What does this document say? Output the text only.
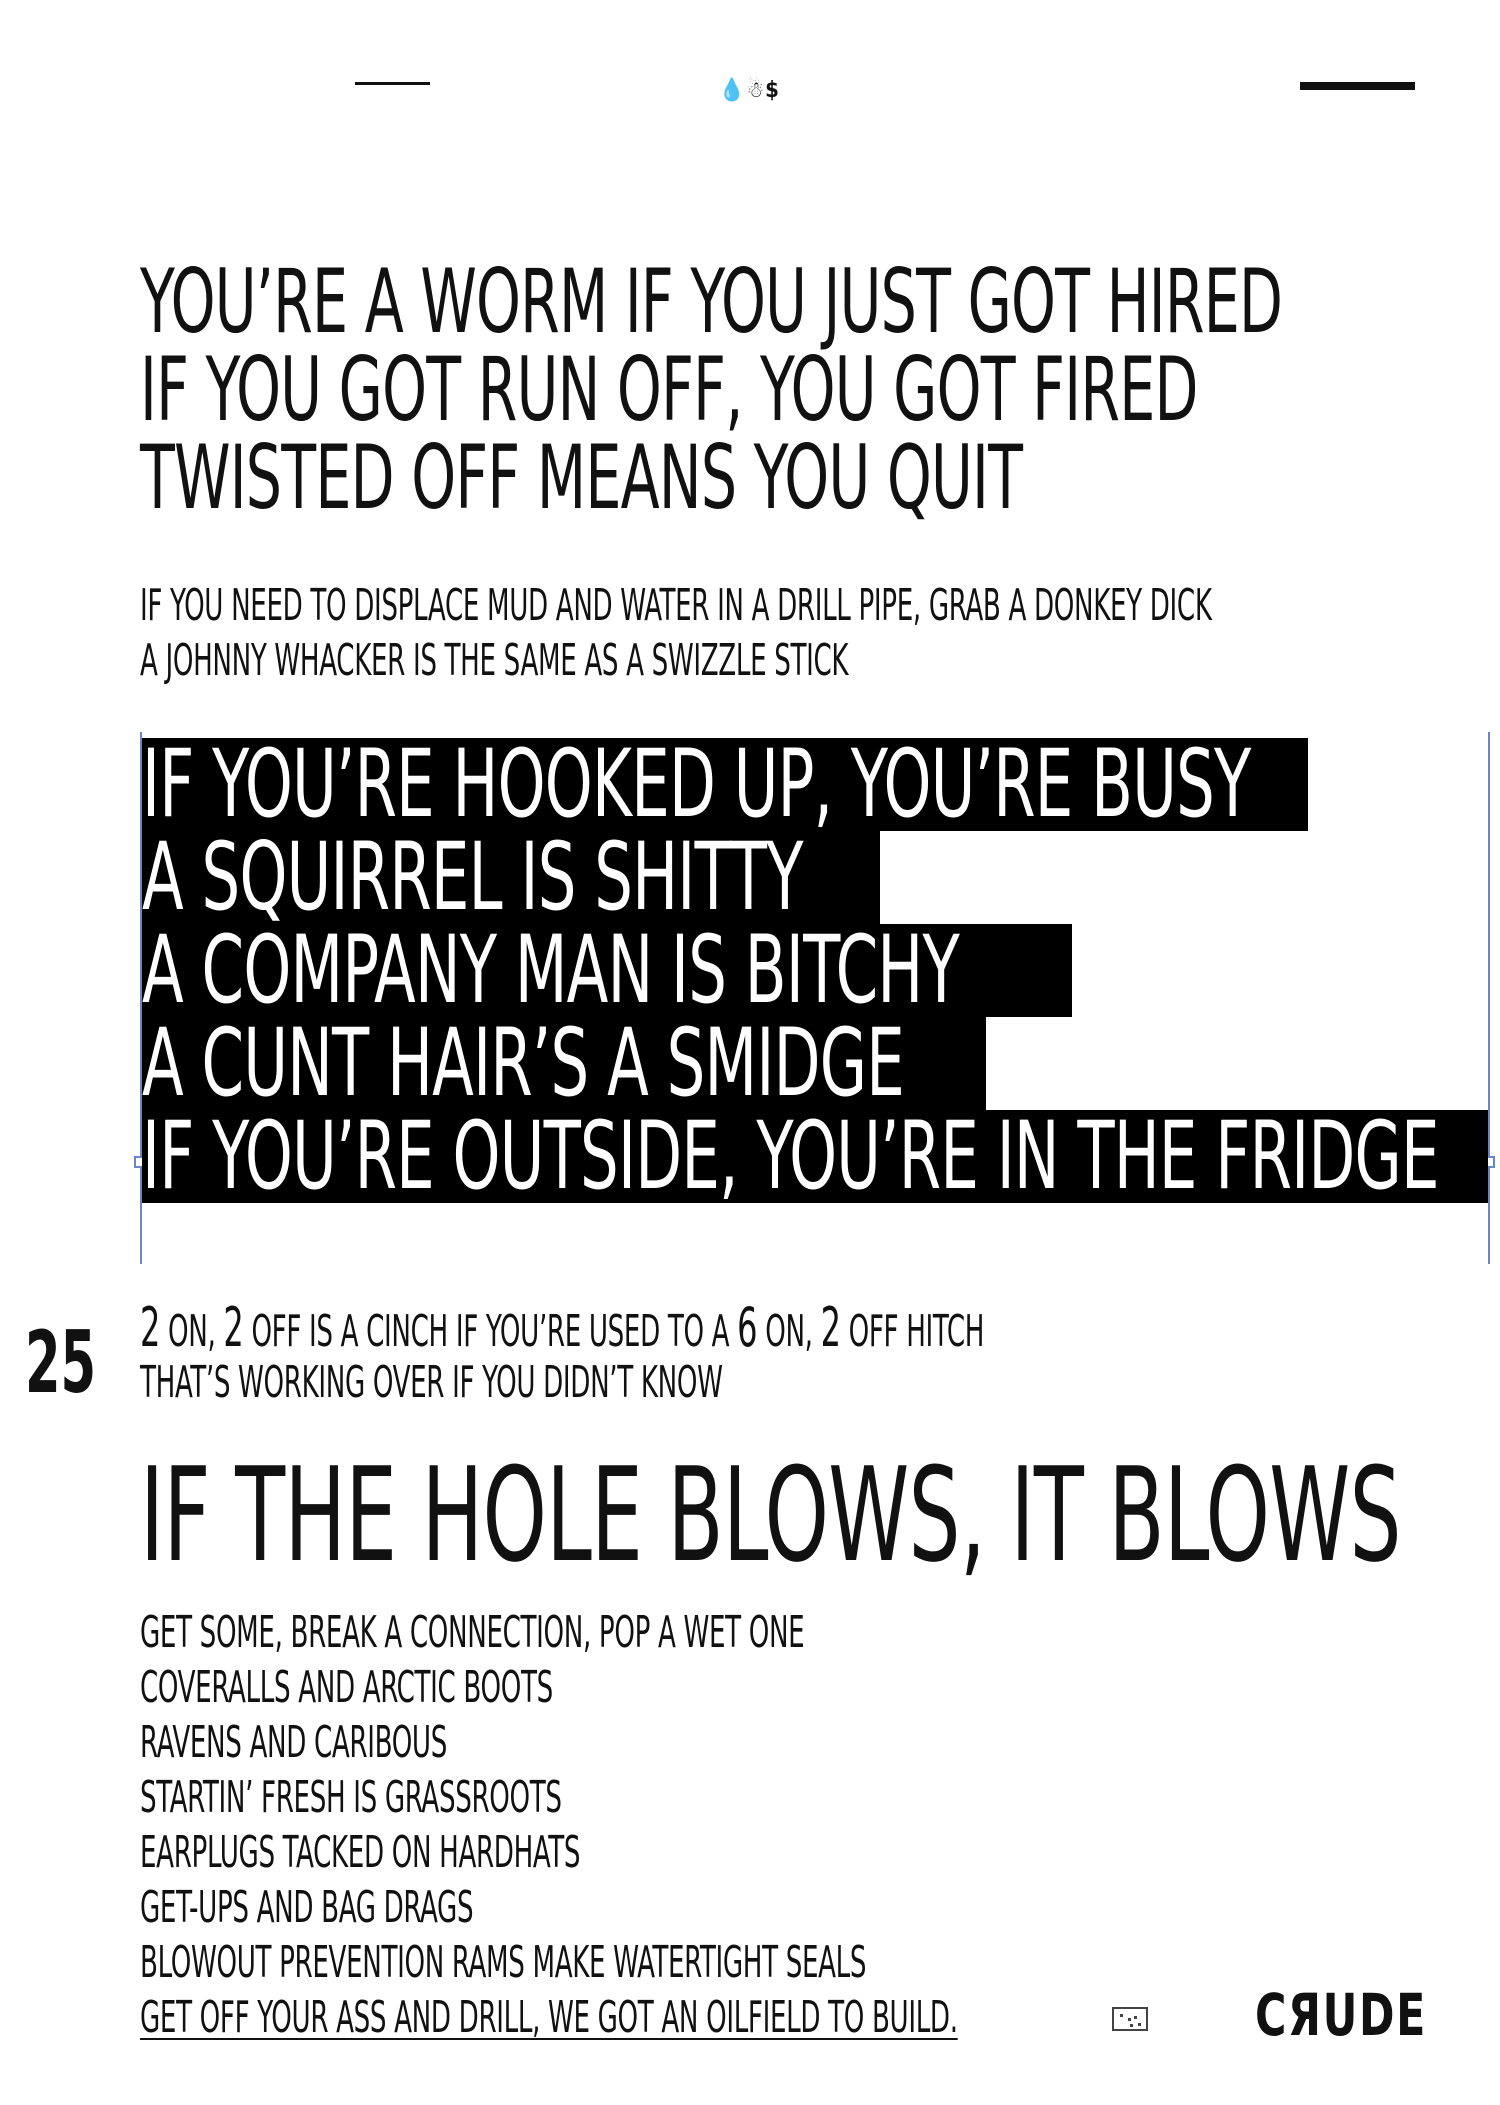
💧☃$
YOU’RE A WORM IF YOU JUST GOT HIRED
IF YOU GOT RUN OFF, YOU GOT FIRED
TWISTED OFF MEANS YOU QUIT
IF YOU NEED TO DISPLACE MUD AND WATER IN A DRILL PIPE, GRAB A DONKEY DICK
A JOHNNY WHACKER IS THE SAME AS A SWIZZLE STICK
IF YOU’RE HOOKED UP, YOU’RE BUSY
A SQUIRREL IS SHITTY
A COMPANY MAN IS BITCHY
A CUNT HAIR’S A SMIDGE
IF YOU’RE OUTSIDE, YOU’RE IN THE FRIDGE
25 2 ON, 2 OFF IS A CINCH IF YOU’RE USED TO A 6 ON, 2 OFF HITCH
THAT’S WORKING OVER IF YOU DIDN’T KNOW
IF THE HOLE BLOWS, IT BLOWS
GET SOME, BREAK A CONNECTION, POP A WET ONE
COVERALLS AND ARCTIC BOOTS
RAVENS AND CARIBOUS
STARTIN’ FRESH IS GRASSROOTS
EARPLUGS TACKED ON HARDHATS
GET-UPS AND BAG DRAGS
BLOWOUT PREVENTION RAMS MAKE WATERTIGHT SEALS
GET OFF YOUR ASS AND DRILL, WE GOT AN OILFIELD TO BUILD.	CЯUDE
